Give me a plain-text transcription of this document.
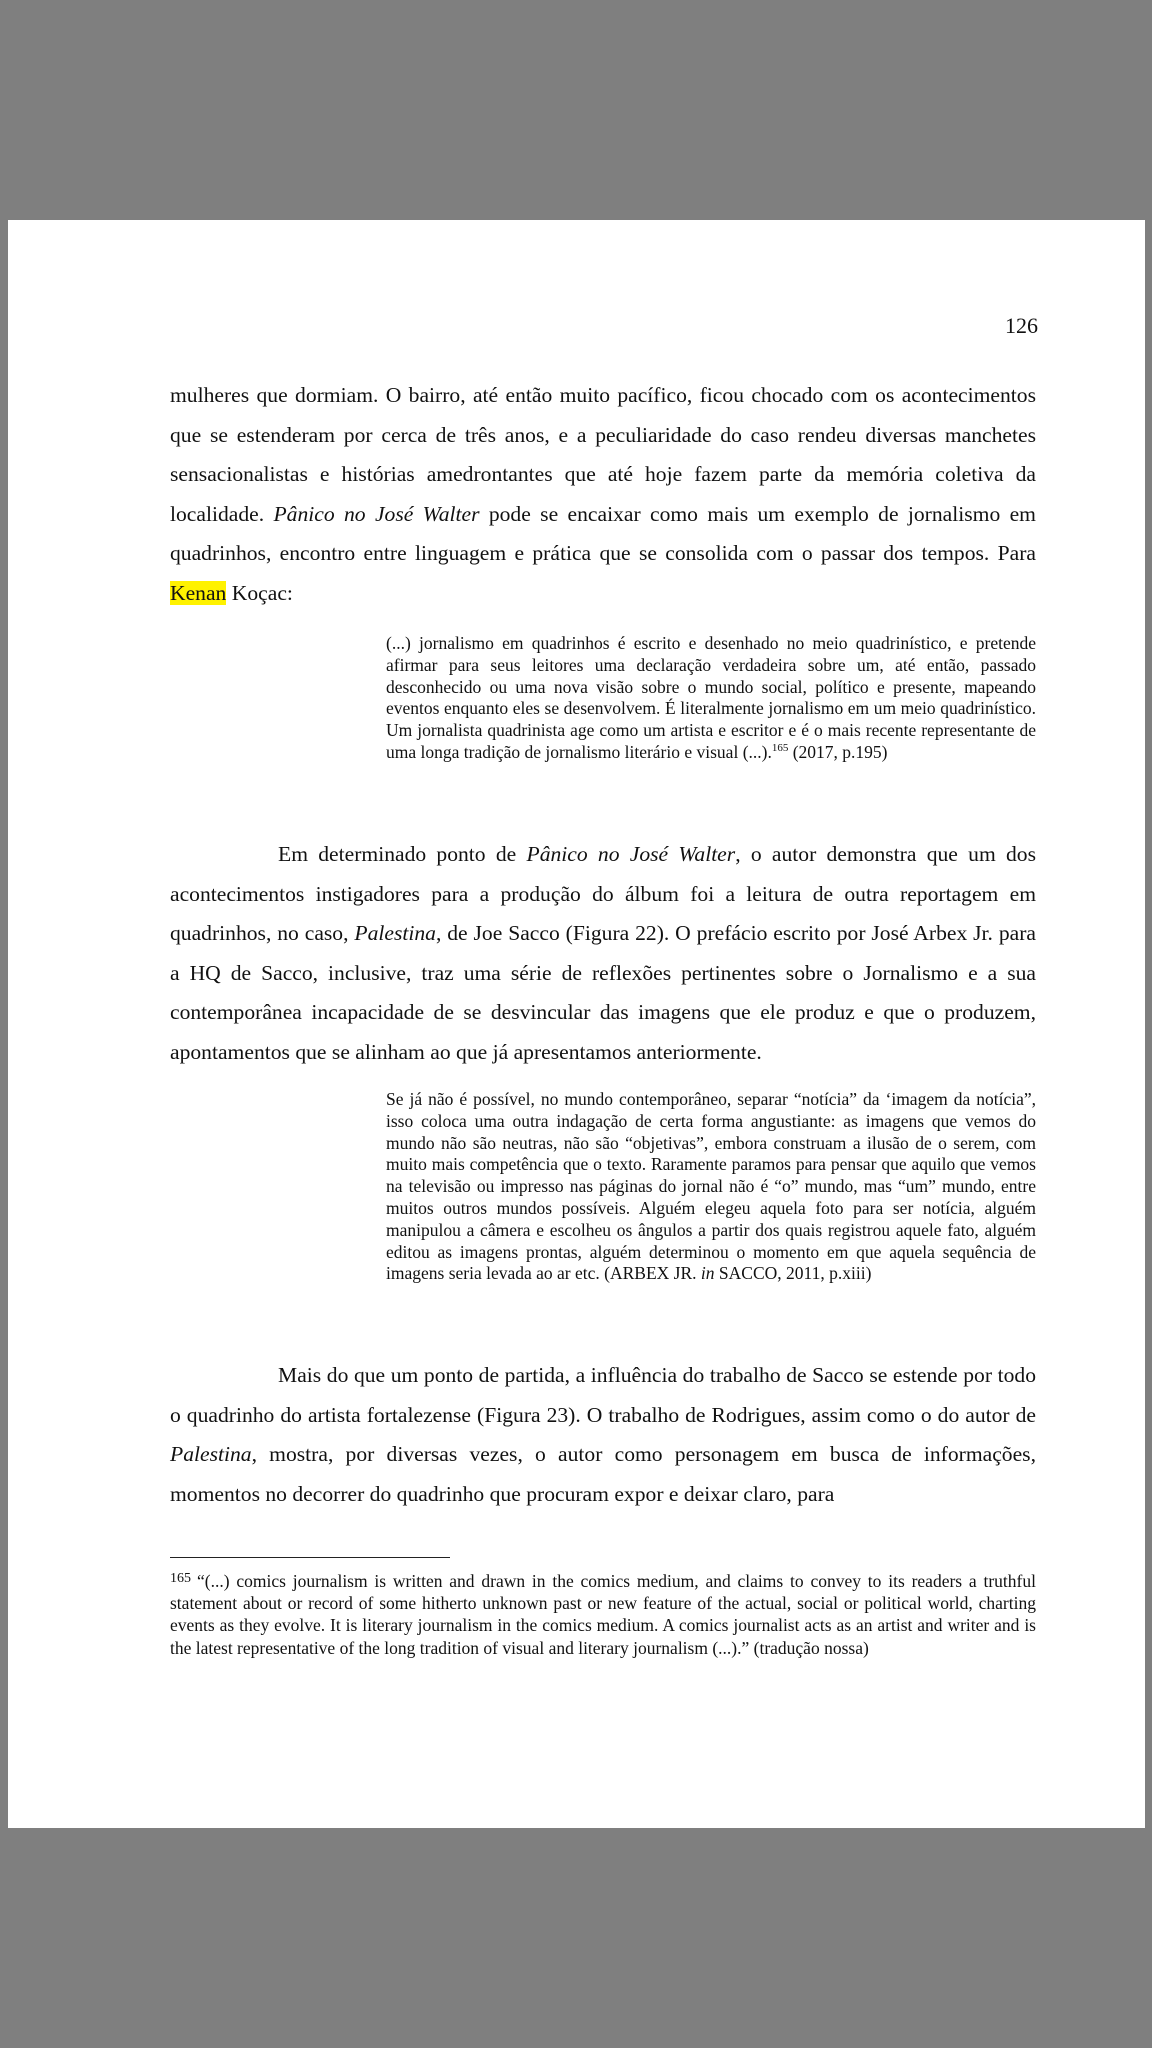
126

mulheres que dormiam. O bairro, até então muito pacífico, ficou chocado com os acontecimentos que se estenderam por cerca de três anos, e a peculiaridade do caso rendeu diversas manchetes sensacionalistas e histórias amedrontantes que até hoje fazem parte da memória coletiva da localidade. Pânico no José Walter pode se encaixar como mais um exemplo de jornalismo em quadrinhos, encontro entre linguagem e prática que se consolida com o passar dos tempos. Para Kenan Koçac:

(...) jornalismo em quadrinhos é escrito e desenhado no meio quadrinístico, e pretende afirmar para seus leitores uma declaração verdadeira sobre um, até então, passado desconhecido ou uma nova visão sobre o mundo social, político e presente, mapeando eventos enquanto eles se desenvolvem. É literalmente jornalismo em um meio quadrinístico. Um jornalista quadrinista age como um artista e escritor e é o mais recente representante de uma longa tradição de jornalismo literário e visual (...).$^{165}$ (2017, p.195)

Em determinado ponto de Pânico no José Walter, o autor demonstra que um dos acontecimentos instigadores para a produção do álbum foi a leitura de outra reportagem em quadrinhos, no caso, Palestina, de Joe Sacco (Figura 22). O prefácio escrito por José Arbex Jr. para a HQ de Sacco, inclusive, traz uma série de reflexões pertinentes sobre o Jornalismo e a sua contemporânea incapacidade de se desvincular das imagens que ele produz e que o produzem, apontamentos que se alinham ao que já apresentamos anteriormente.

Se já não é possível, no mundo contemporâneo, separar “notícia” da ‘imagem da notícia”, isso coloca uma outra indagação de certa forma angustiante: as imagens que vemos do mundo não são neutras, não são “objetivas”, embora construam a ilusão de o serem, com muito mais competência que o texto. Raramente paramos para pensar que aquilo que vemos na televisão ou impresso nas páginas do jornal não é “o” mundo, mas “um” mundo, entre muitos outros mundos possíveis. Alguém elegeu aquela foto para ser notícia, alguém manipulou a câmera e escolheu os ângulos a partir dos quais registrou aquele fato, alguém editou as imagens prontas, alguém determinou o momento em que aquela sequência de imagens seria levada ao ar etc. (ARBEX JR. in SACCO, 2011, p.xiii)

Mais do que um ponto de partida, a influência do trabalho de Sacco se estende por todo o quadrinho do artista fortalezense (Figura 23). O trabalho de Rodrigues, assim como o do autor de Palestina, mostra, por diversas vezes, o autor como personagem em busca de informações, momentos no decorrer do quadrinho que procuram expor e deixar claro, para

$^{165}$ “(...) comics journalism is written and drawn in the comics medium, and claims to convey to its readers a truthful statement about or record of some hitherto unknown past or new feature of the actual, social or political world, charting events as they evolve. It is literary journalism in the comics medium. A comics journalist acts as an artist and writer and is the latest representative of the long tradition of visual and literary journalism (...).” (tradução nossa)
